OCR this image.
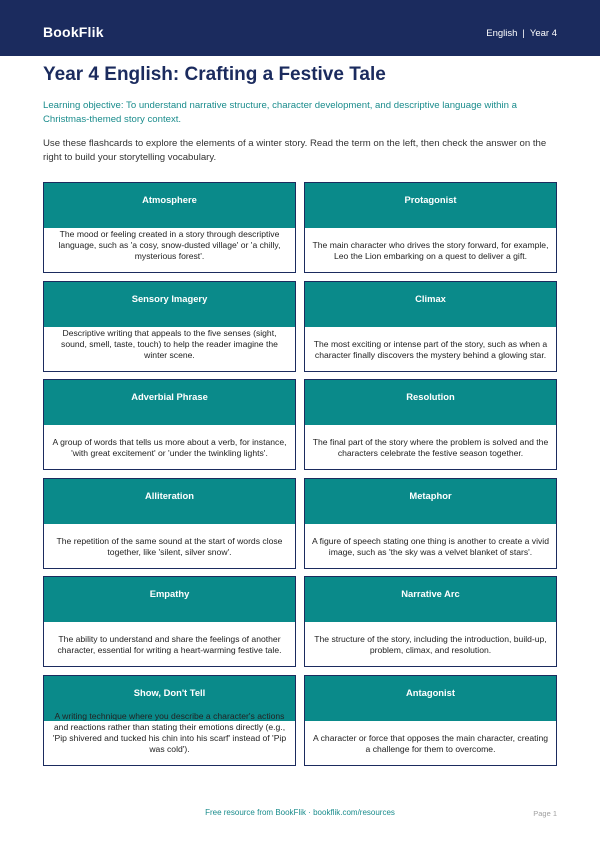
BookFlik	English | Year 4
Year 4 English: Crafting a Festive Tale

Learning objective: To understand narrative structure, character development, and descriptive language within a Christmas-themed story context.

Use these flashcards to explore the elements of a winter story. Read the term on the left, then check the answer on the right to build your storytelling vocabulary.

Atmosphere
The mood or feeling created in a story through descriptive language, such as 'a cosy, snow-dusted village' or 'a chilly, mysterious forest'.
Protagonist
The main character who drives the story forward, for example, Leo the Lion embarking on a quest to deliver a gift.
Sensory Imagery
Descriptive writing that appeals to the five senses (sight, sound, smell, taste, touch) to help the reader imagine the winter scene.
Climax
The most exciting or intense part of the story, such as when a character finally discovers the mystery behind a glowing star.
Adverbial Phrase
A group of words that tells us more about a verb, for instance, 'with great excitement' or 'under the twinkling lights'.
Resolution
The final part of the story where the problem is solved and the characters celebrate the festive season together.
Alliteration
The repetition of the same sound at the start of words close together, like 'silent, silver snow'.
Metaphor
A figure of speech stating one thing is another to create a vivid image, such as 'the sky was a velvet blanket of stars'.
Empathy
The ability to understand and share the feelings of another character, essential for writing a heart-warming festive tale.
Narrative Arc
The structure of the story, including the introduction, build-up, problem, climax, and resolution.
Show, Don't Tell
A writing technique where you describe a character's actions and reactions rather than stating their emotions directly (e.g., 'Pip shivered and tucked his chin into his scarf' instead of 'Pip was cold').
Antagonist
A character or force that opposes the main character, creating a challenge for them to overcome.
Free resource from BookFlik · bookflik.com/resources	Page 1
